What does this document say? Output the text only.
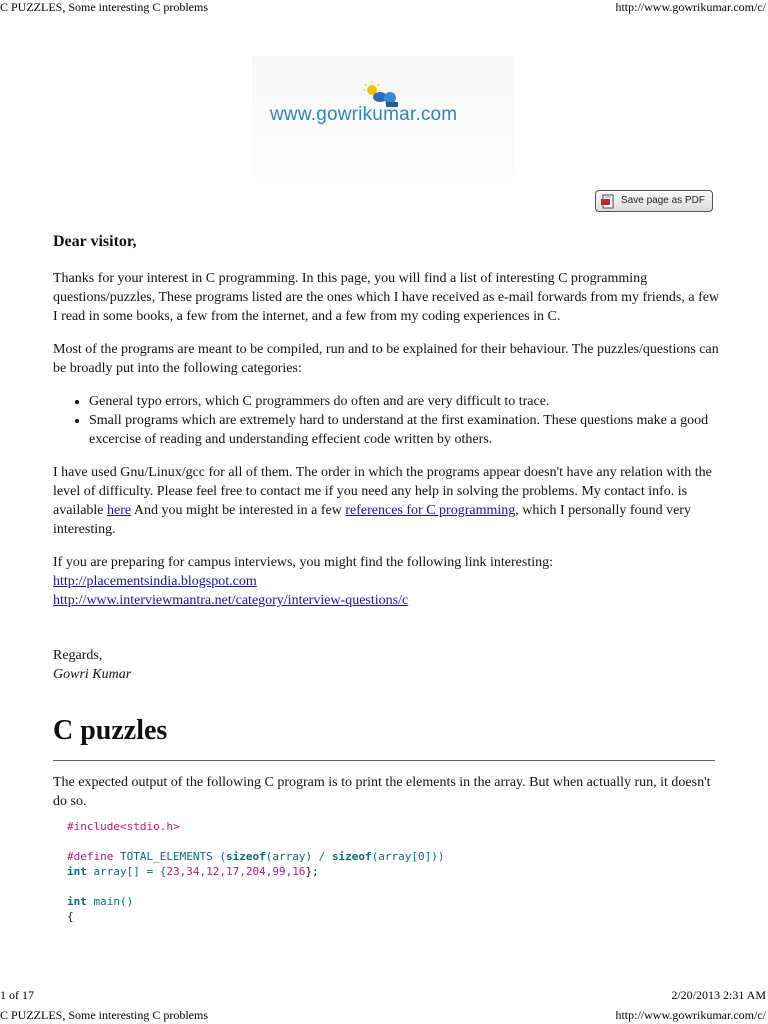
C PUZZLES, Some interesting C problems	http://www.gowrikumar.com/c/
www.gowrikumar.com
Save page as PDF
Dear visitor,

Thanks for your interest in C programming. In this page, you will find a list of interesting C programming questions/puzzles, These programs listed are the ones which I have received as e-mail forwards from my friends, a few I read in some books, a few from the internet, and a few from my coding experiences in C.

Most of the programs are meant to be compiled, run and to be explained for their behaviour. The puzzles/questions can be broadly put into the following categories:

• General typo errors, which C programmers do often and are very difficult to trace.
• Small programs which are extremely hard to understand at the first examination. These questions make a good excercise of reading and understanding effecient code written by others.

I have used Gnu/Linux/gcc for all of them. The order in which the programs appear doesn't have any relation with the level of difficulty. Please feel free to contact me if you need any help in solving the problems. My contact info. is available here And you might be interested in a few references for C programming, which I personally found very interesting.

If you are preparing for campus interviews, you might find the following link interesting:
http://placementsindia.blogspot.com
http://www.interviewmantra.net/category/interview-questions/c

Regards,
Gowri Kumar

C puzzles

The expected output of the following C program is to print the elements in the array. But when actually run, it doesn't do so.

#include<stdio.h>
#define TOTAL_ELEMENTS (sizeof(array) / sizeof(array[0]))
int array[] = {23,34,12,17,204,99,16};
int main()
{
1 of 17	2/20/2013 2:31 AM
C PUZZLES, Some interesting C problems	http://www.gowrikumar.com/c/
